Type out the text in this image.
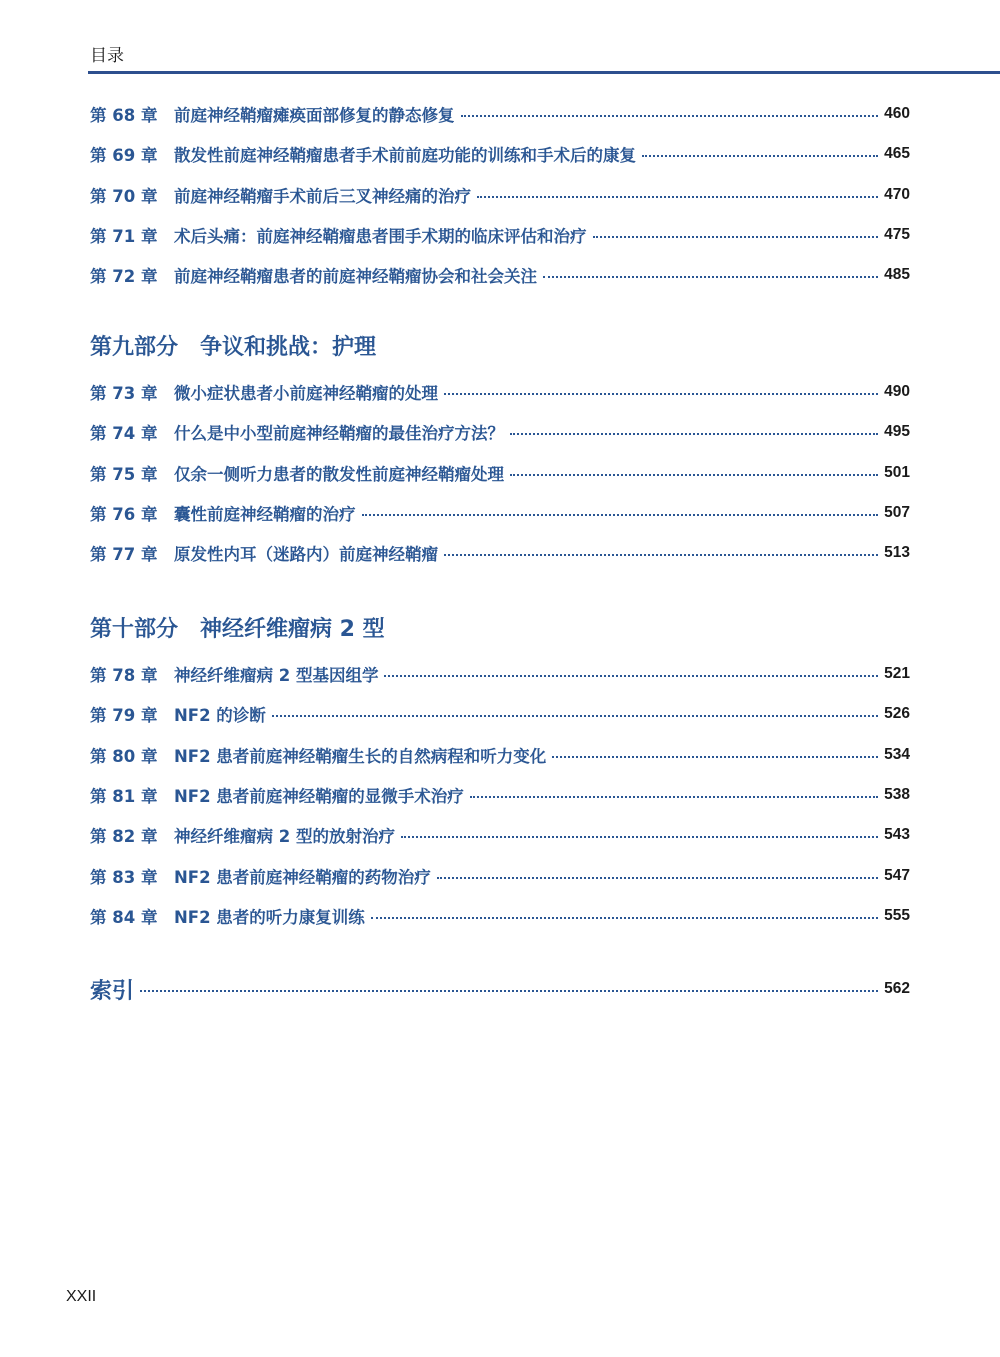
目录
第 68 章	前庭神经鞘瘤瘫痪面部修复的静态修复	460
第 69 章	散发性前庭神经鞘瘤患者手术前前庭功能的训练和手术后的康复	465
第 70 章	前庭神经鞘瘤手术前后三叉神经痛的治疗	470
第 71 章	术后头痛：前庭神经鞘瘤患者围手术期的临床评估和治疗	475
第 72 章	前庭神经鞘瘤患者的前庭神经鞘瘤协会和社会关注	485
第九部分 争议和挑战：护理
第 73 章	微小症状患者小前庭神经鞘瘤的处理	490
第 74 章	什么是中小型前庭神经鞘瘤的最佳治疗方法？	495
第 75 章	仅余一侧听力患者的散发性前庭神经鞘瘤处理	501
第 76 章	囊性前庭神经鞘瘤的治疗	507
第 77 章	原发性内耳（迷路内）前庭神经鞘瘤	513
第十部分 神经纤维瘤病 2 型
第 78 章	神经纤维瘤病 2 型基因组学	521
第 79 章	NF2 的诊断	526
第 80 章	NF2 患者前庭神经鞘瘤生长的自然病程和听力变化	534
第 81 章	NF2 患者前庭神经鞘瘤的显微手术治疗	538
第 82 章	神经纤维瘤病 2 型的放射治疗	543
第 83 章	NF2 患者前庭神经鞘瘤的药物治疗	547
第 84 章	NF2 患者的听力康复训练	555
索引	562
XXII
